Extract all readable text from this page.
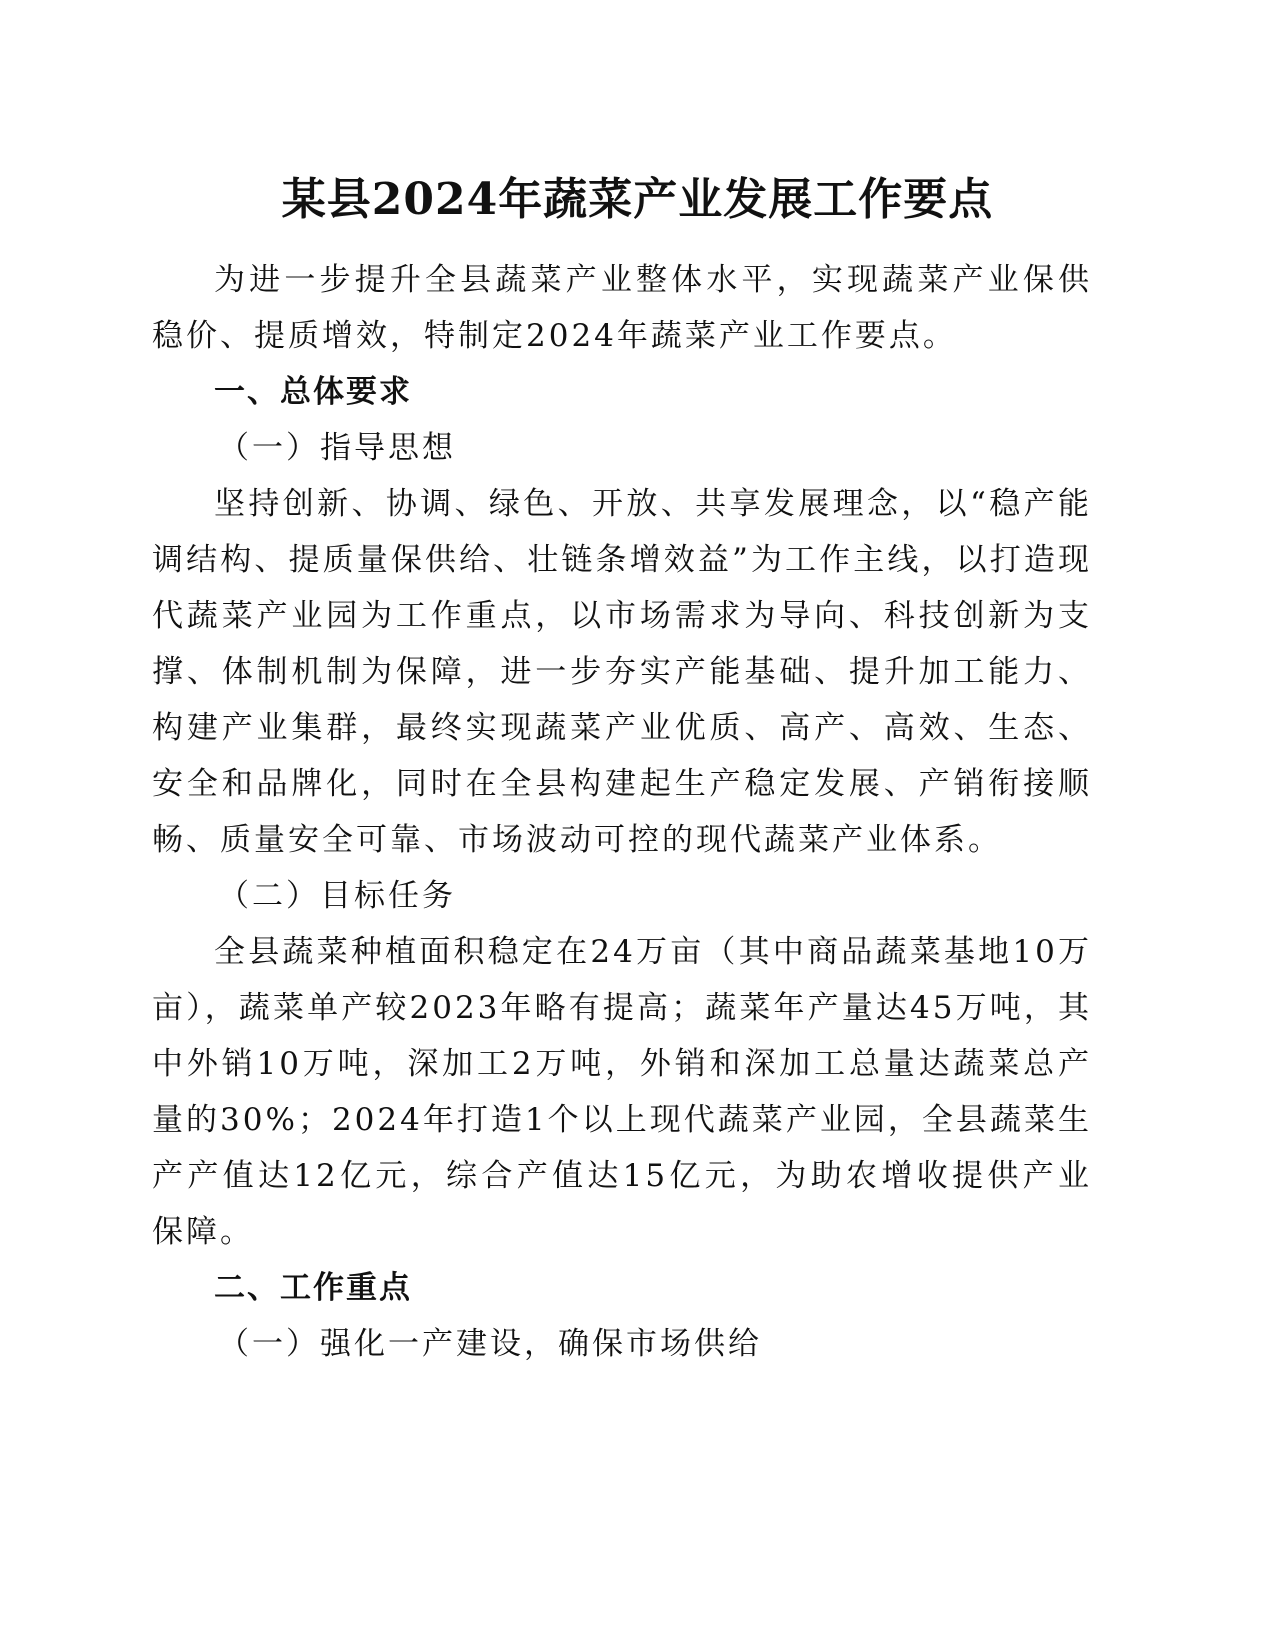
某县2024年蔬菜产业发展工作要点

为进一步提升全县蔬菜产业整体水平，实现蔬菜产业保供稳价、提质增效，特制定2024年蔬菜产业工作要点。

一、总体要求

（一）指导思想

坚持创新、协调、绿色、开放、共享发展理念，以“稳产能调结构、提质量保供给、壮链条增效益”为工作主线，以打造现代蔬菜产业园为工作重点，以市场需求为导向、科技创新为支撑、体制机制为保障，进一步夯实产能基础、提升加工能力、构建产业集群，最终实现蔬菜产业优质、高产、高效、生态、安全和品牌化，同时在全县构建起生产稳定发展、产销衔接顺畅、质量安全可靠、市场波动可控的现代蔬菜产业体系。

（二）目标任务

全县蔬菜种植面积稳定在24万亩（其中商品蔬菜基地10万亩），蔬菜单产较2023年略有提高；蔬菜年产量达45万吨，其中外销10万吨，深加工2万吨，外销和深加工总量达蔬菜总产量的30%；2024年打造1个以上现代蔬菜产业园，全县蔬菜生产产值达12亿元，综合产值达15亿元，为助农增收提供产业保障。

二、工作重点

（一）强化一产建设，确保市场供给
